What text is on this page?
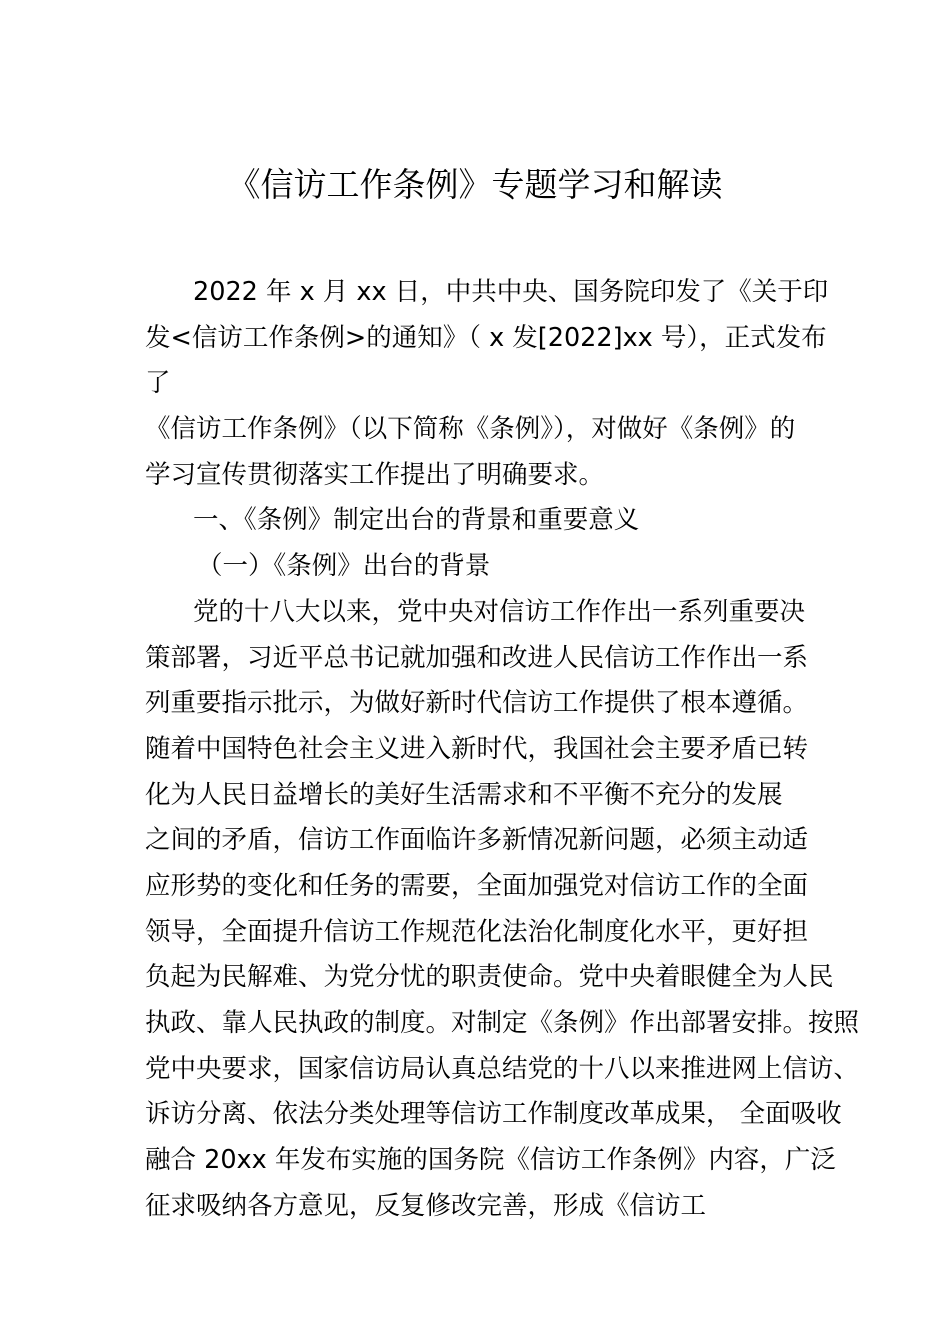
《信访工作条例》专题学习和解读
2022 年 x 月 xx 日，中共中央、国务院印发了《关于印
发<信访工作条例>的通知》（ x 发[2022]xx 号），正式发布
了
《信访工作条例》（以下简称《条例》），对做好《条例》的
学习宣传贯彻落实工作提出了明确要求。
一、《条例》制定出台的背景和重要意义
（一）《条例》出台的背景
党的十八大以来，党中央对信访工作作出一系列重要决
策部署，习近平总书记就加强和改进人民信访工作作出一系
列重要指示批示，为做好新时代信访工作提供了根本遵循。
随着中国特色社会主义进入新时代，我国社会主要矛盾已转
化为人民日益增长的美好生活需求和不平衡不充分的发展
之间的矛盾，信访工作面临许多新情况新问题，必须主动适
应形势的变化和任务的需要，全面加强党对信访工作的全面
领导，全面提升信访工作规范化法治化制度化水平，更好担
负起为民解难、为党分忧的职责使命。党中央着眼健全为人民
执政、靠人民执政的制度。对制定《条例》作出部署安排。按照
党中央要求，国家信访局认真总结党的十八以来推进网上信访、
诉访分离、依法分类处理等信访工作制度改革成果， 全面吸收
融合 20xx 年发布实施的国务院《信访工作条例》内容，广泛
征求吸纳各方意见，反复修改完善，形成《信访工
